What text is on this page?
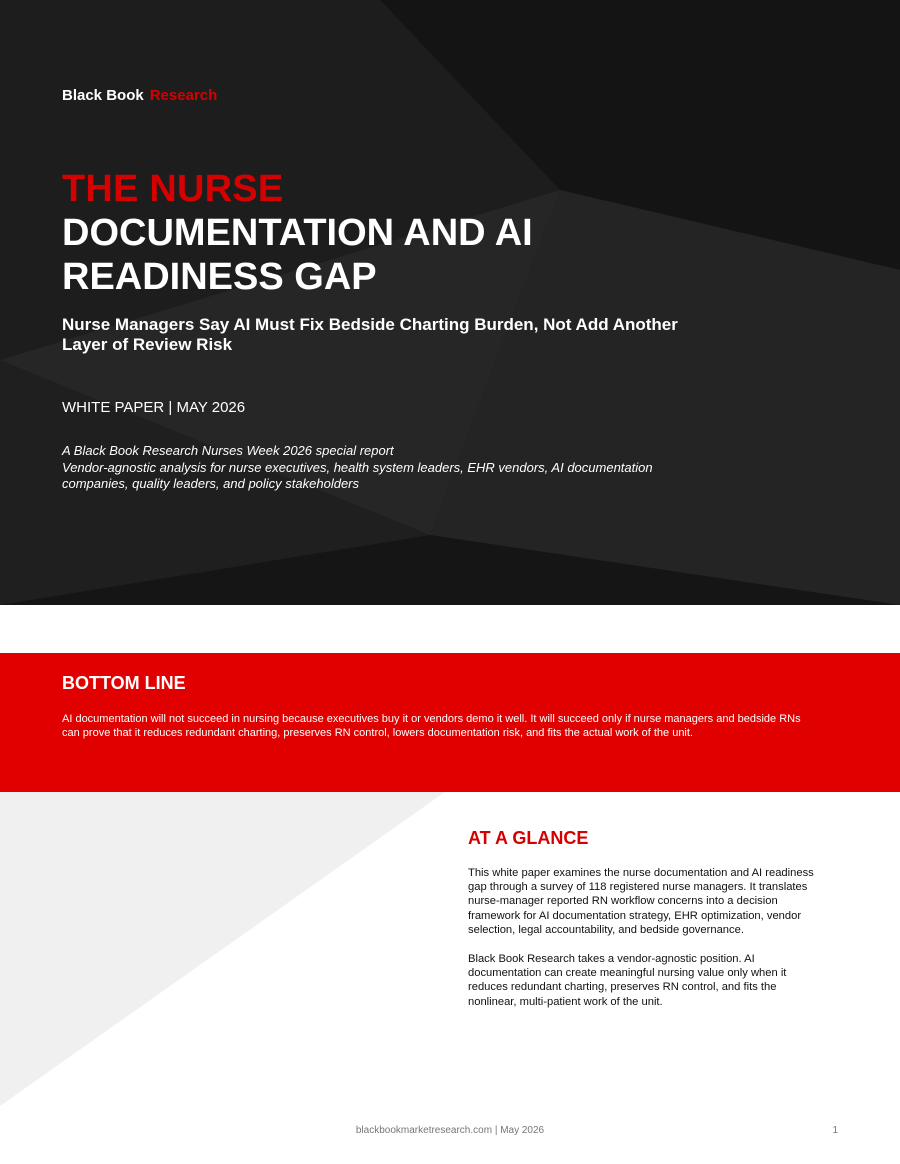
Black Book Research
THE NURSE
DOCUMENTATION AND AI
READINESS GAP
Nurse Managers Say AI Must Fix Bedside Charting Burden, Not Add Another
Layer of Review Risk
WHITE PAPER | MAY 2026
A Black Book Research Nurses Week 2026 special report
Vendor-agnostic analysis for nurse executives, health system leaders, EHR vendors, AI documentation
companies, quality leaders, and policy stakeholders
BOTTOM LINE
AI documentation will not succeed in nursing because executives buy it or vendors demo it well. It will succeed only if nurse managers and bedside RNs
can prove that it reduces redundant charting, preserves RN control, lowers documentation risk, and fits the actual work of the unit.
AT A GLANCE
This white paper examines the nurse documentation and AI readiness
gap through a survey of 118 registered nurse managers. It translates
nurse-manager reported RN workflow concerns into a decision
framework for AI documentation strategy, EHR optimization, vendor
selection, legal accountability, and bedside governance.
Black Book Research takes a vendor-agnostic position. AI
documentation can create meaningful nursing value only when it
reduces redundant charting, preserves RN control, and fits the
nonlinear, multi-patient work of the unit.
blackbookmarketresearch.com | May 2026	1
